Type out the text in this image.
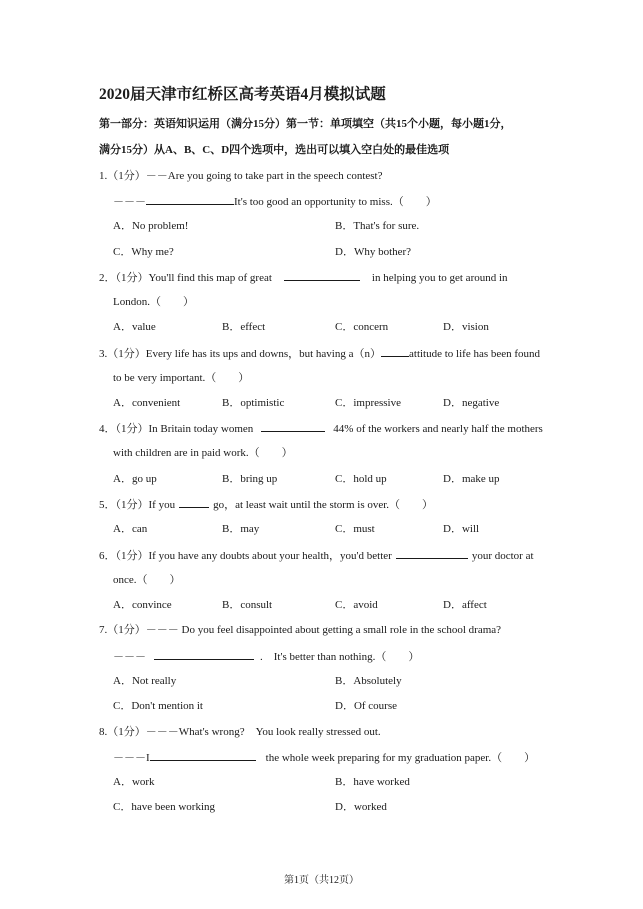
2020届天津市红桥区高考英语4月模拟试题
第一部分：英语知识运用（满分15分）第一节：单项填空（共15个小题，每小题1分，
满分15分）从A、B、C、D四个选项中，选出可以填入空白处的最佳选项
1.（1分）－－Are you going to take part in the speech contest?
－－－	It's too good an opportunity to miss.（　　）
A．No problem!	B．That's for sure.
C．Why me?	D．Why bother?
2．（1分）You'll find this map of great	in helping you to get around in
London.（　　）
A．value	B．effect	C．concern	D．vision
3.（1分）Every life has its ups and downs，but having a（n）	attitude to life has been found
to be very important.（　　）
A．convenient	B．optimistic	C．impressive	D．negative
4．（1分）In Britain today women	44% of the workers and nearly half the mothers
with children are in paid work.（　　）
A．go up	B．bring up	C．hold up	D．make up
5．（1分）If you	go，at least wait until the storm is over.（　　）
A．can	B．may	C．must	D．will
6．（1分）If you have any doubts about your health，you'd better	your doctor at
once.（　　）
A．convince	B．consult	C．avoid	D．affect
7.（1分）－－－ Do you feel disappointed about getting a small role in the school drama?
－－－	.　It's better than nothing.（　　）
A．Not really	B．Absolutely
C．Don't mention it	D．Of course
8.（1分）－－－What's wrong?　You look really stressed out.
－－－I	the whole week preparing for my graduation paper.（　　）
A．work	B．have worked
C．have been working	D．worked
第1页（共12页）
